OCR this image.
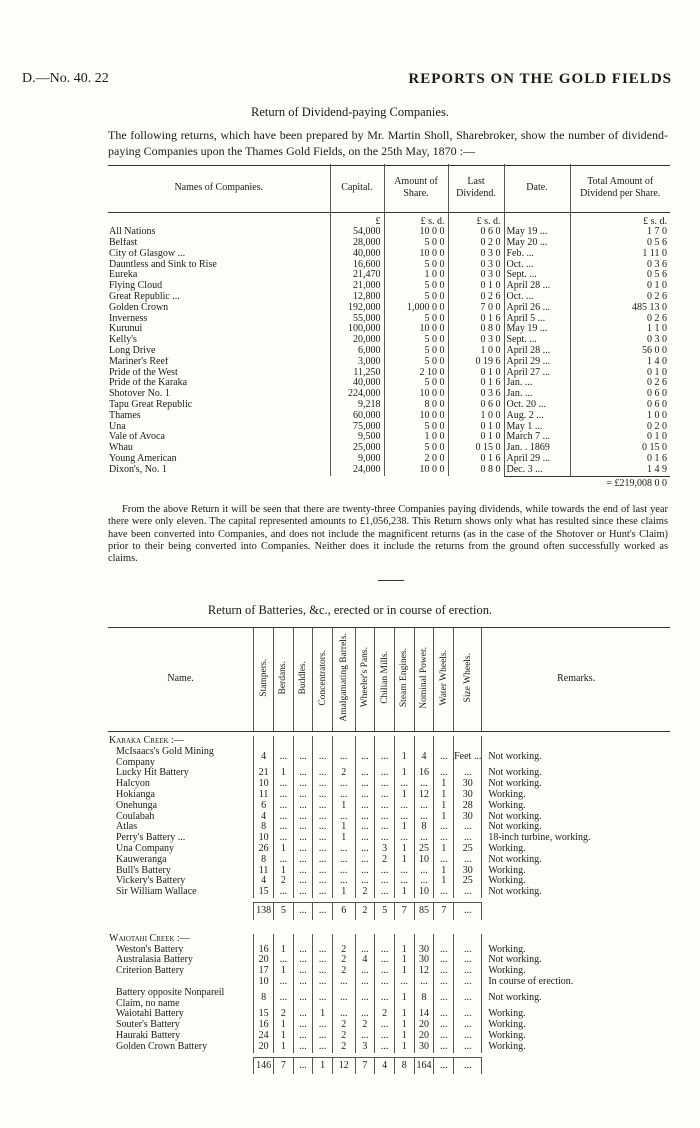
D.—No. 40. 22	REPORTS ON THE GOLD FIELDS
Return of Dividend-paying Companies.
The following returns, which have been prepared by Mr. Martin Sholl, Sharebroker, show the number of dividend-paying Companies upon the Thames Gold Fields, on the 25th May, 1870 :—
Names of Companies.	Capital.	Amount of Share.	Last Dividend.	Date.	Total Amount of Dividend per Share.
	£	£ s. d.	£ s. d.		£ s. d.
All Nations	54,000	10 0 0	0 6 0	May 19 ...	1 7 0
Belfast	28,000	5 0 0	0 2 0	May 20 ...	0 5 6
City of Glasgow ...	40,000	10 0 0	0 3 0	Feb. ...	1 11 0
Dauntless and Sink to Rise	16,600	5 0 0	0 3 0	Oct. ...	0 3 6
Eureka	21,470	1 0 0	0 3 0	Sept. ...	0 5 6
Flying Cloud	21,000	5 0 0	0 1 0	April 28 ...	0 1 0
Great Republic ...	12,800	5 0 0	0 2 6	Oct. ...	0 2 6
Golden Crown	192,000	1,000 0 0	7 0 0	April 26 ...	485 13 0
Inverness	55,000	5 0 0	0 1 6	April 5 ...	0 2 6
Kurunui	100,000	10 0 0	0 8 0	May 19 ...	1 1 0
Kelly's	20,000	5 0 0	0 3 0	Sept. ...	0 3 0
Long Drive	6,000	5 0 0	1 0 0	April 28 ...	56 0 0
Mariner's Reef	3,000	5 0 0	0 19 6	April 29 ...	1 4 0
Pride of the West	11,250	2 10 0	0 1 0	April 27 ...	0 1 0
Pride of the Karaka	40,000	5 0 0	0 1 6	Jan. ...	0 2 6
Shotover No. 1	224,000	10 0 0	0 3 6	Jan. ...	0 6 0
Tapu Great Republic	9,218	8 0 0	0 6 0	Oct. 20 ...	0 6 0
Thames	60,000	10 0 0	1 0 0	Aug. 2 ...	1 0 0
Una	75,000	5 0 0	0 1 0	May 1 ...	0 2 0
Vale of Avoca	9,500	1 0 0	0 1 0	March 7 ...	0 1 0
Whau	25,000	5 0 0	0 15 0	Jan. . 1869	0 15 0
Young American	9,000	2 0 0	0 1 6	April 29 ...	0 1 6
Dixon's, No. 1	24,000	10 0 0	0 8 0	Dec. 3 ...	1 4 9
				= £219,008 0 0	
From the above Return it will be seen that there are twenty-three Companies paying dividends, while towards the end of last year there were only eleven. The capital represented amounts to £1,056,238. This Return shows only what has resulted since these claims have been converted into Companies, and does not include the magnificent returns (as in the case of the Shotover or Hunt's Claim) prior to their being converted into Companies. Neither does it include the returns from the ground often successfully worked as claims.
Return of Batteries, &c., erected or in course of erection.
Name.	Stampers.	Berdans.	Buddles.	Concentrators.	Amalgamating Barrels.	Wheeler's Pans.	Chilian Mills.	Steam Engines.	Nominal Power.	Water Wheels.	Size Wheels.	Remarks.

Karaka Creek :—												
McIsaacs's Gold Mining Company	4	...	...	...	...	...	...	1	4	...	Feet ...	Not working.
Lucky Hit Battery	21	1	...	...	2	...	...	1	16	...	...	Not working.
Halcyon	10	...	...	...	...	...	...	...	...	1	30	Not working.
Hokianga	11	...	...	...	...	...	...	1	12	1	30	Working.
Onehunga	6	...	...	...	1	...	...	...	...	1	28	Working.
Coulabah	4	...	...	...	...	...	...	...	...	1	30	Not working.
Atlas	8	...	...	...	1	...	...	1	8	...	...	Not working.
Perry's Battery ...	10	...	...	...	1	...	...	...	...	...	...	18-inch turbine, working.
Una Company	26	1	...	...	...	...	3	1	25	1	25	Working.
Kauweranga	8	...	...	...	...	...	2	1	10	...	...	Not working.
Bull's Battery	11	1	...	...	...	...	...	...	...	1	30	Working.
Vickery's Battery	4	2	...	...	...	...	...	...	...	1	25	Working.
Sir William Wallace	15	...	...	...	1	2	...	1	10	...	...	Not working.

	138	5	...	...	6	2	5	7	85	7	...	

Waiotahi Creek :—												
Weston's Battery	16	1	...	...	2	...	...	1	30	...	...	Working.
Australasia Battery	20	...	...	...	2	4	...	1	30	...	...	Not working.
Criterion Battery	17	1	...	...	2	...	...	1	12	...	...	Working.
	10	...	...	...	...	...	...	...	...	...	...	In course of erection.
Battery opposite Nonpareil Claim, no name	8	...	...	...	...	...	...	1	8	...	...	Not working.
Waiotahi Battery	15	2	...	1	...	...	2	1	14	...	...	Working.
Souter's Battery	16	1	...	...	2	2	...	1	20	...	...	Working.
Hauraki Battery	24	1	...	...	2	...	...	1	20	...	...	Working.
Golden Crown Battery	20	1	...	...	2	3	...	1	30	...	...	Working.

	146	7	...	1	12	7	4	8	164	...	...	
